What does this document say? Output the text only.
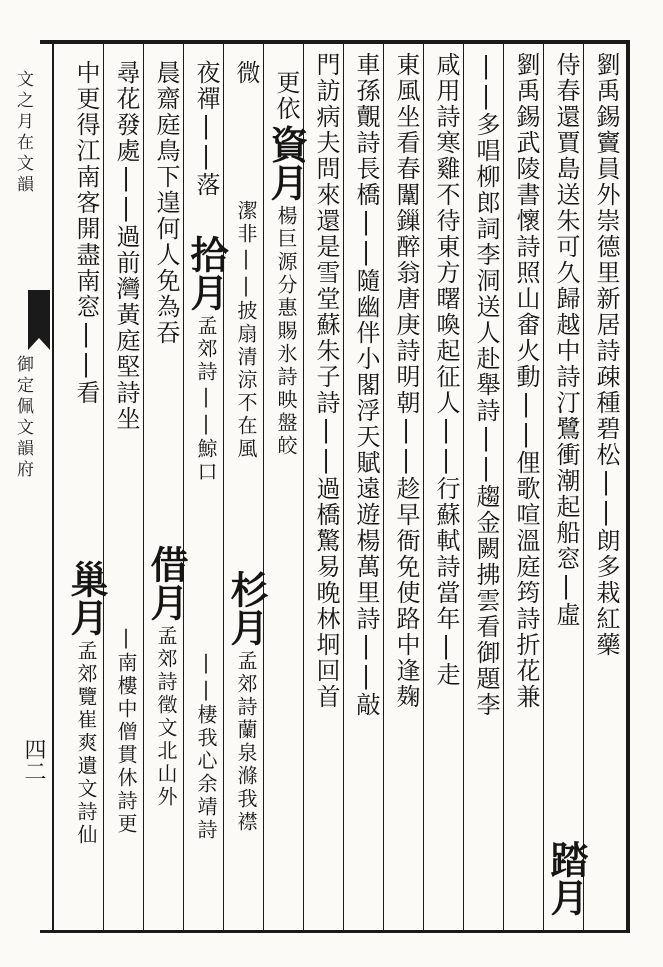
文之月在文韻
御定佩文韻府
四二
劉禹錫竇員外崇德里新居詩疎種碧松||朗多栽紅藥
侍春還賈島送朱可久歸越中詩汀鷺衝潮起船窓|虛
踏月
劉禹錫武陵書懷詩照山畬火動||俚歌喧溫庭筠詩折花兼
||多唱柳郎詞李洞送人赴舉詩||趨金闕拂雲看御題李
咸用詩寒雞不待東方曙喚起征人||行蘇軾詩當年|走
東風坐看春闈鏁醉翁唐庚詩明朝||趁早衙免使路中逢麹
車孫覿詩長橋||隨幽伴小閣浮天賦遠遊楊萬里詩||敲
門訪病夫問來還是雪堂蘇朱子詩||過橋驚易晚林坰回首
更依
資月
楊巨源分惠賜氷詩映盤皎
微
潔非||披扇清涼不在風
杉月
孟郊詩蘭泉滌我襟
||棲我心余靖詩
夜禪||落
拾月
孟郊詩||鯨口
借月
孟郊詩徵文北山外
晨齋庭鳥下遑何人免為吞
|南樓中僧貫休詩更
尋花發處||過前灣黃庭堅詩坐
中更得江南客開盡南窓||看
巢月
孟郊覽崔爽遺文詩仙
